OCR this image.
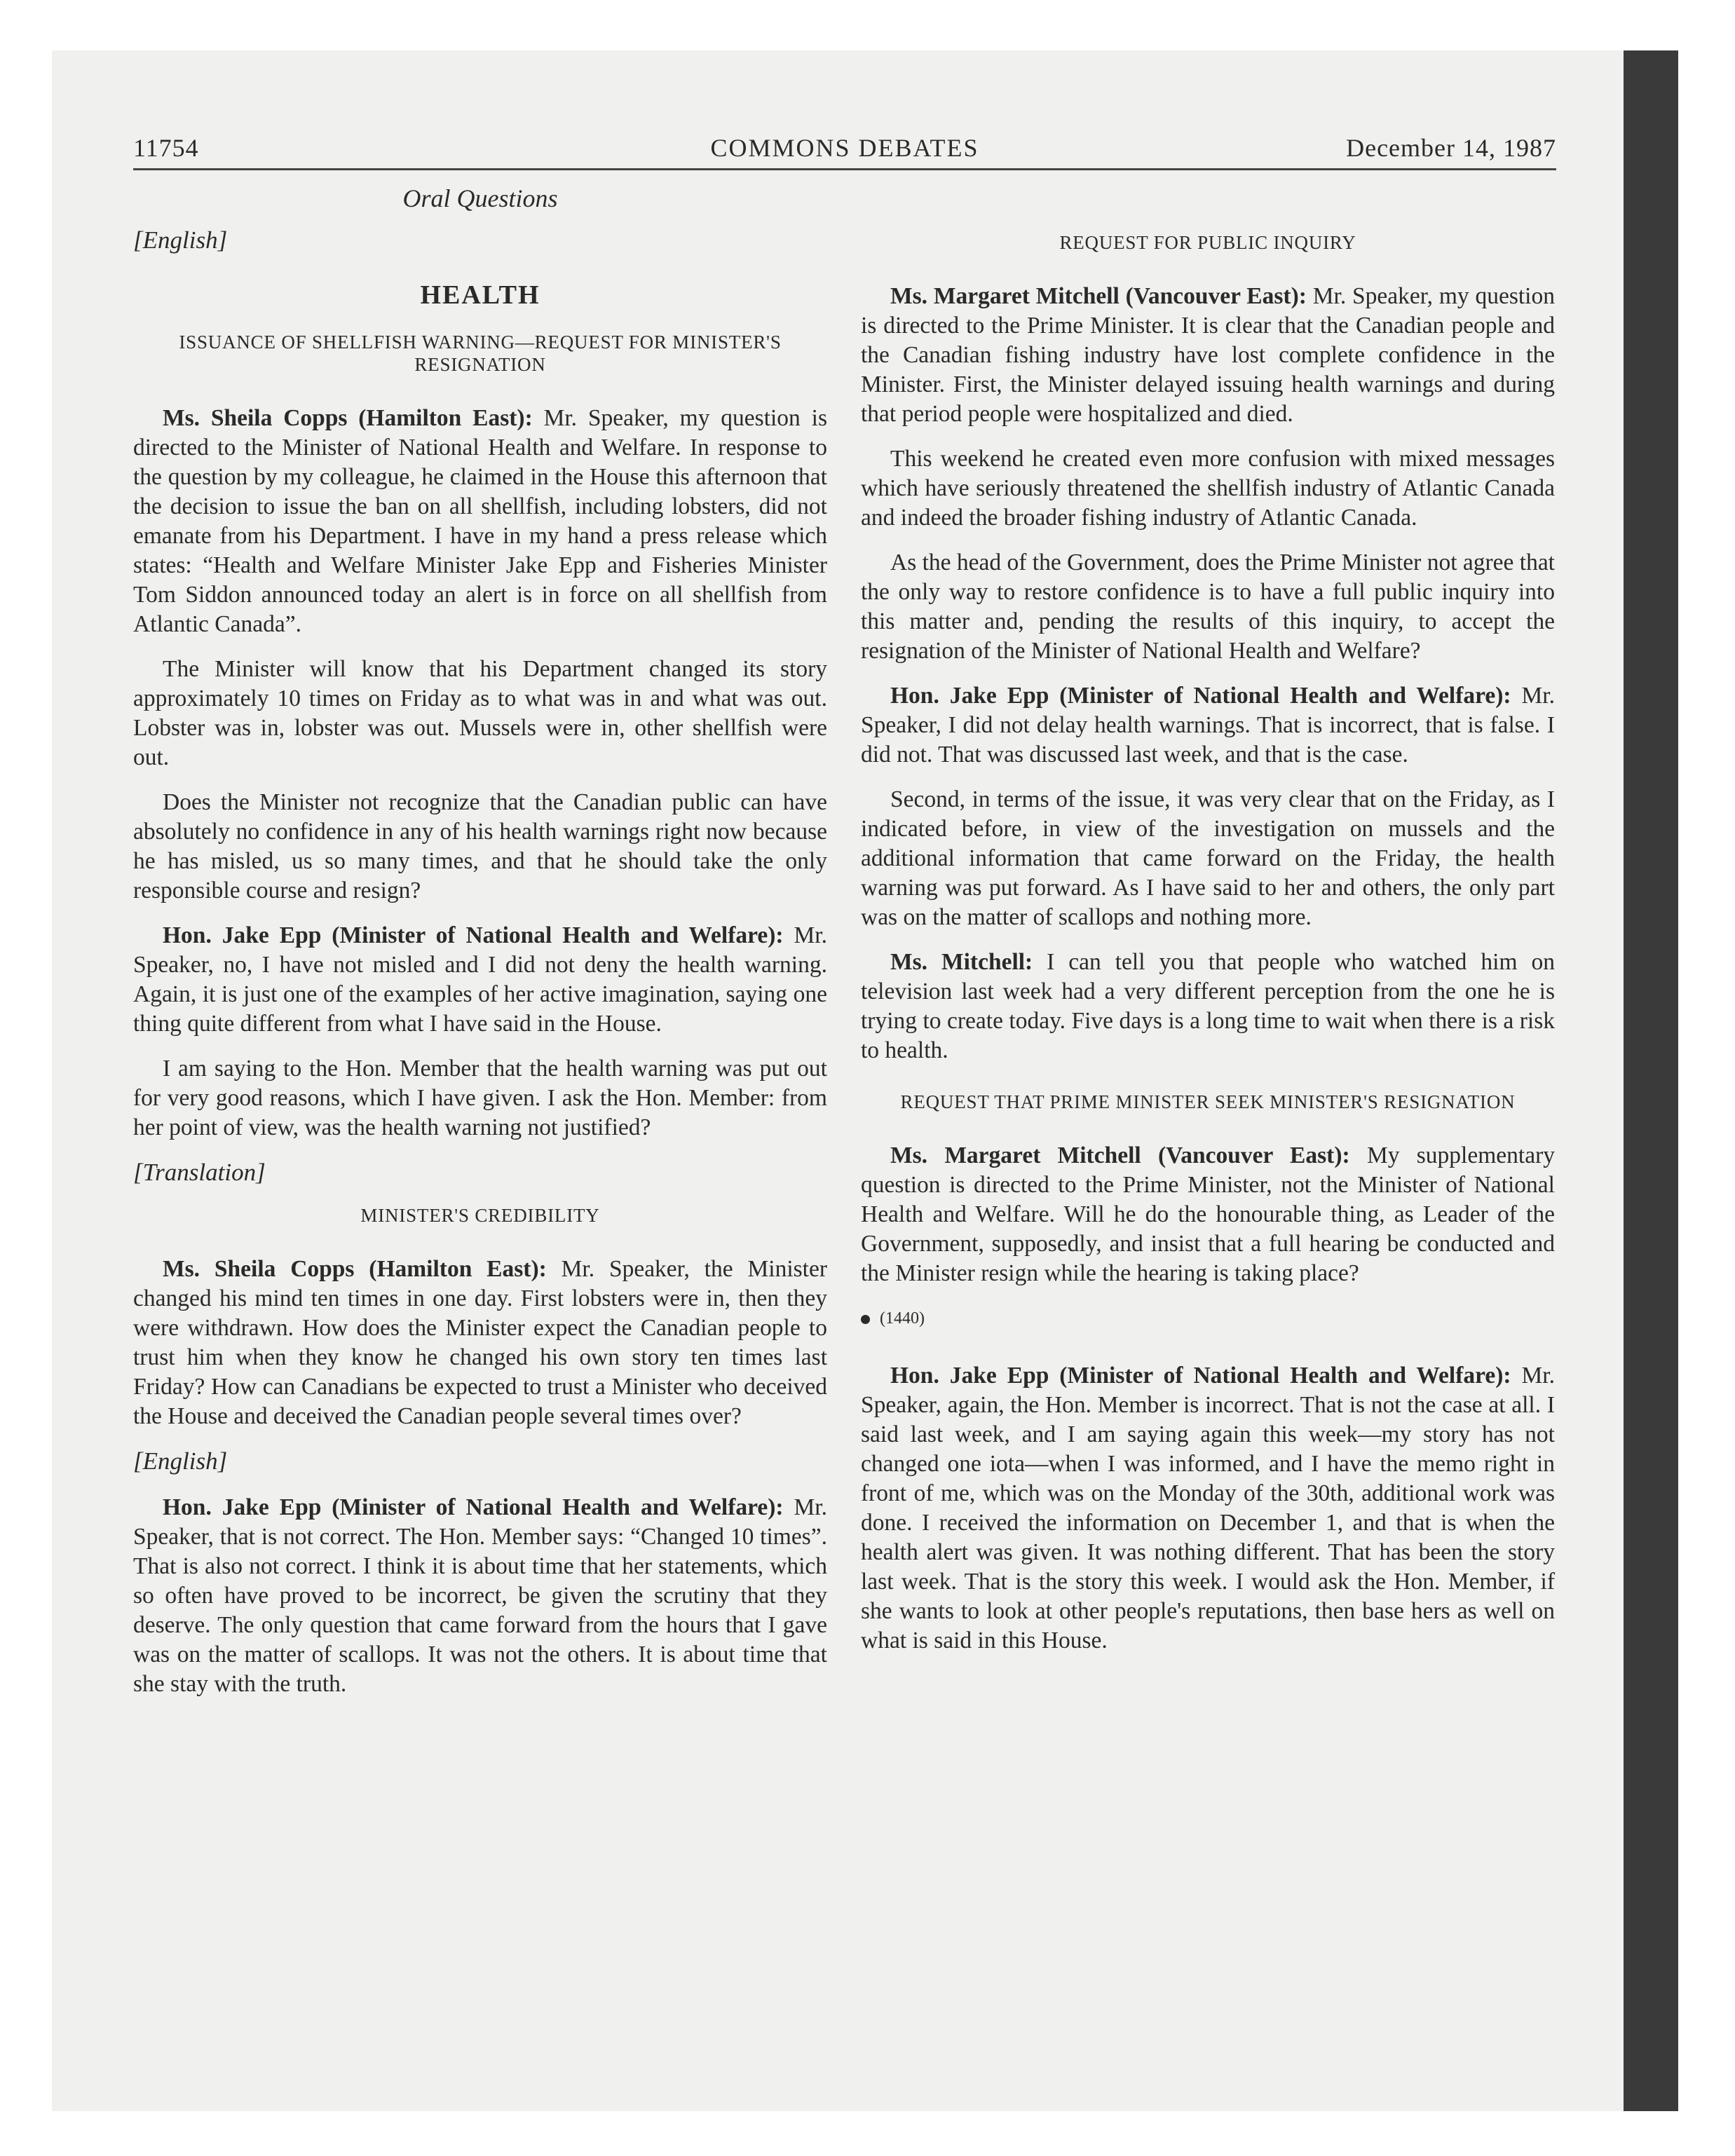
11754	COMMONS DEBATES	December 14, 1987
Oral Questions
[English]
HEALTH
ISSUANCE OF SHELLFISH WARNING—REQUEST FOR MINISTER'S RESIGNATION

Ms. Sheila Copps (Hamilton East): Mr. Speaker, my question is directed to the Minister of National Health and Welfare. In response to the question by my colleague, he claimed in the House this afternoon that the decision to issue the ban on all shellfish, including lobsters, did not emanate from his Department. I have in my hand a press release which states: “Health and Welfare Minister Jake Epp and Fisheries Minister Tom Siddon announced today an alert is in force on all shellfish from Atlantic Canada”.

The Minister will know that his Department changed its story approximately 10 times on Friday as to what was in and what was out. Lobster was in, lobster was out. Mussels were in, other shellfish were out.

Does the Minister not recognize that the Canadian public can have absolutely no confidence in any of his health warnings right now because he has misled, us so many times, and that he should take the only responsible course and resign?

Hon. Jake Epp (Minister of National Health and Welfare): Mr. Speaker, no, I have not misled and I did not deny the health warning. Again, it is just one of the examples of her active imagination, saying one thing quite different from what I have said in the House.

I am saying to the Hon. Member that the health warning was put out for very good reasons, which I have given. I ask the Hon. Member: from her point of view, was the health warning not justified?

[Translation]
MINISTER'S CREDIBILITY

Ms. Sheila Copps (Hamilton East): Mr. Speaker, the Minister changed his mind ten times in one day. First lobsters were in, then they were withdrawn. How does the Minister expect the Canadian people to trust him when they know he changed his own story ten times last Friday? How can Canadians be expected to trust a Minister who deceived the House and deceived the Canadian people several times over?

[English]

Hon. Jake Epp (Minister of National Health and Welfare): Mr. Speaker, that is not correct. The Hon. Member says: “Changed 10 times”. That is also not correct. I think it is about time that her statements, which so often have proved to be incorrect, be given the scrutiny that they deserve. The only question that came forward from the hours that I gave was on the matter of scallops. It was not the others. It is about time that she stay with the truth.

REQUEST FOR PUBLIC INQUIRY

Ms. Margaret Mitchell (Vancouver East): Mr. Speaker, my question is directed to the Prime Minister. It is clear that the Canadian people and the Canadian fishing industry have lost complete confidence in the Minister. First, the Minister delayed issuing health warnings and during that period people were hospitalized and died.

This weekend he created even more confusion with mixed messages which have seriously threatened the shellfish industry of Atlantic Canada and indeed the broader fishing industry of Atlantic Canada.

As the head of the Government, does the Prime Minister not agree that the only way to restore confidence is to have a full public inquiry into this matter and, pending the results of this inquiry, to accept the resignation of the Minister of National Health and Welfare?

Hon. Jake Epp (Minister of National Health and Welfare): Mr. Speaker, I did not delay health warnings. That is incorrect, that is false. I did not. That was discussed last week, and that is the case.

Second, in terms of the issue, it was very clear that on the Friday, as I indicated before, in view of the investigation on mussels and the additional information that came forward on the Friday, the health warning was put forward. As I have said to her and others, the only part was on the matter of scallops and nothing more.

Ms. Mitchell: I can tell you that people who watched him on television last week had a very different perception from the one he is trying to create today. Five days is a long time to wait when there is a risk to health.

REQUEST THAT PRIME MINISTER SEEK MINISTER'S RESIGNATION

Ms. Margaret Mitchell (Vancouver East): My supplementary question is directed to the Prime Minister, not the Minister of National Health and Welfare. Will he do the honourable thing, as Leader of the Government, supposedly, and insist that a full hearing be conducted and the Minister resign while the hearing is taking place?

(1440)

Hon. Jake Epp (Minister of National Health and Welfare): Mr. Speaker, again, the Hon. Member is incorrect. That is not the case at all. I said last week, and I am saying again this week—my story has not changed one iota—when I was informed, and I have the memo right in front of me, which was on the Monday of the 30th, additional work was done. I received the information on December 1, and that is when the health alert was given. It was nothing different. That has been the story last week. That is the story this week. I would ask the Hon. Member, if she wants to look at other people's reputations, then base hers as well on what is said in this House.
